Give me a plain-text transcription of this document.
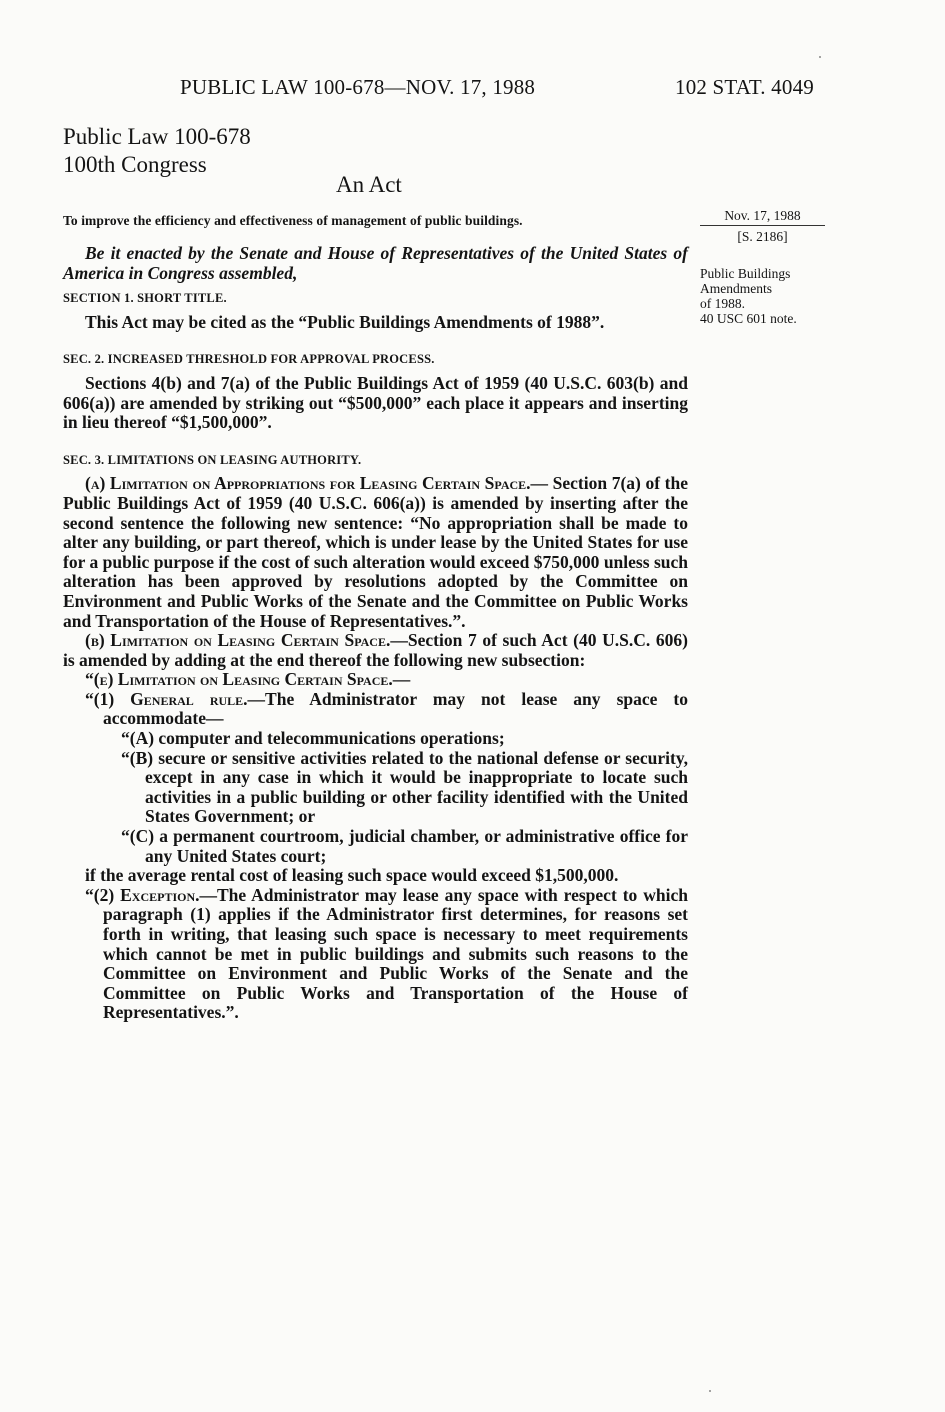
PUBLIC LAW 100-678—NOV. 17, 1988	102 STAT. 4049
Public Law 100-678
100th Congress
An Act
To improve the efficiency and effectiveness of management of public buildings.	Nov. 17, 1988
[S. 2186]
Public Buildings
Amendments
of 1988.
40 USC 601 note.

Be it enacted by the Senate and House of Representatives of the United States of America in Congress assembled,

SECTION 1. SHORT TITLE.

This Act may be cited as the “Public Buildings Amendments of 1988”.

SEC. 2. INCREASED THRESHOLD FOR APPROVAL PROCESS.

Sections 4(b) and 7(a) of the Public Buildings Act of 1959 (40 U.S.C. 603(b) and 606(a)) are amended by striking out “$500,000” each place it appears and inserting in lieu thereof “$1,500,000”.

SEC. 3. LIMITATIONS ON LEASING AUTHORITY.

(a) Limitation on Appropriations for Leasing Certain Space.— Section 7(a) of the Public Buildings Act of 1959 (40 U.S.C. 606(a)) is amended by inserting after the second sentence the following new sentence: “No appropriation shall be made to alter any building, or part thereof, which is under lease by the United States for use for a public purpose if the cost of such alteration would exceed $750,000 unless such alteration has been approved by resolutions adopted by the Committee on Environment and Public Works of the Senate and the Committee on Public Works and Transportation of the House of Representatives.”.

(b) Limitation on Leasing Certain Space.—Section 7 of such Act (40 U.S.C. 606) is amended by adding at the end thereof the following new subsection:

“(e) Limitation on Leasing Certain Space.—

“(1) General rule.—The Administrator may not lease any space to accommodate—

“(A) computer and telecommunications operations;

“(B) secure or sensitive activities related to the national defense or security, except in any case in which it would be inappropriate to locate such activities in a public building or other facility identified with the United States Government; or

“(C) a permanent courtroom, judicial chamber, or administrative office for any United States court;

if the average rental cost of leasing such space would exceed $1,500,000.

“(2) Exception.—The Administrator may lease any space with respect to which paragraph (1) applies if the Administrator first determines, for reasons set forth in writing, that leasing such space is necessary to meet requirements which cannot be met in public buildings and submits such reasons to the Committee on Environment and Public Works of the Senate and the Committee on Public Works and Transportation of the House of Representatives.”.
